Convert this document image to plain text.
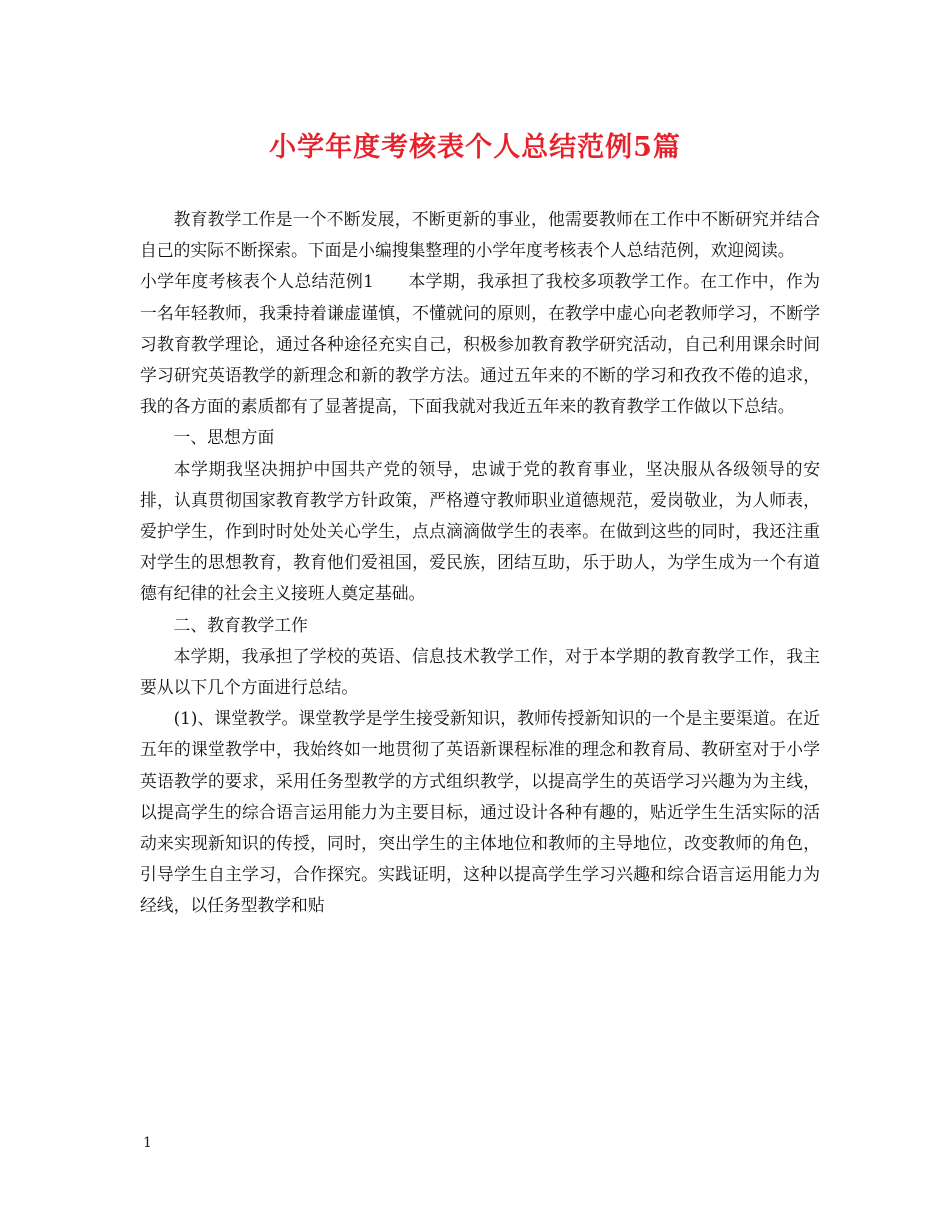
小学年度考核表个人总结范例5篇

教育教学工作是一个不断发展，不断更新的事业，他需要教师在工作中不断研究并结合自己的实际不断探索。下面是小编搜集整理的小学年度考核表个人总结范例，欢迎阅读。

小学年度考核表个人总结范例1　　本学期，我承担了我校多项教学工作。在工作中，作为一名年轻教师，我秉持着谦虚谨慎，不懂就问的原则，在教学中虚心向老教师学习，不断学习教育教学理论，通过各种途径充实自己，积极参加教育教学研究活动，自己利用课余时间学习研究英语教学的新理念和新的教学方法。通过五年来的不断的学习和孜孜不倦的追求，我的各方面的素质都有了显著提高，下面我就对我近五年来的教育教学工作做以下总结。

一、思想方面

本学期我坚决拥护中国共产党的领导，忠诚于党的教育事业，坚决服从各级领导的安排，认真贯彻国家教育教学方针政策，严格遵守教师职业道德规范，爱岗敬业，为人师表，爱护学生，作到时时处处关心学生，点点滴滴做学生的表率。在做到这些的同时，我还注重对学生的思想教育，教育他们爱祖国，爱民族，团结互助，乐于助人，为学生成为一个有道德有纪律的社会主义接班人奠定基础。

二、教育教学工作

本学期，我承担了学校的英语、信息技术教学工作，对于本学期的教育教学工作，我主要从以下几个方面进行总结。

(1)、课堂教学。课堂教学是学生接受新知识，教师传授新知识的一个是主要渠道。在近五年的课堂教学中，我始终如一地贯彻了英语新课程标准的理念和教育局、教研室对于小学英语教学的要求，采用任务型教学的方式组织教学，以提高学生的英语学习兴趣为为主线，以提高学生的综合语言运用能力为主要目标，通过设计各种有趣的，贴近学生生活实际的活动来实现新知识的传授，同时，突出学生的主体地位和教师的主导地位，改变教师的角色，引导学生自主学习，合作探究。实践证明，这种以提高学生学习兴趣和综合语言运用能力为经线，以任务型教学和贴

1
